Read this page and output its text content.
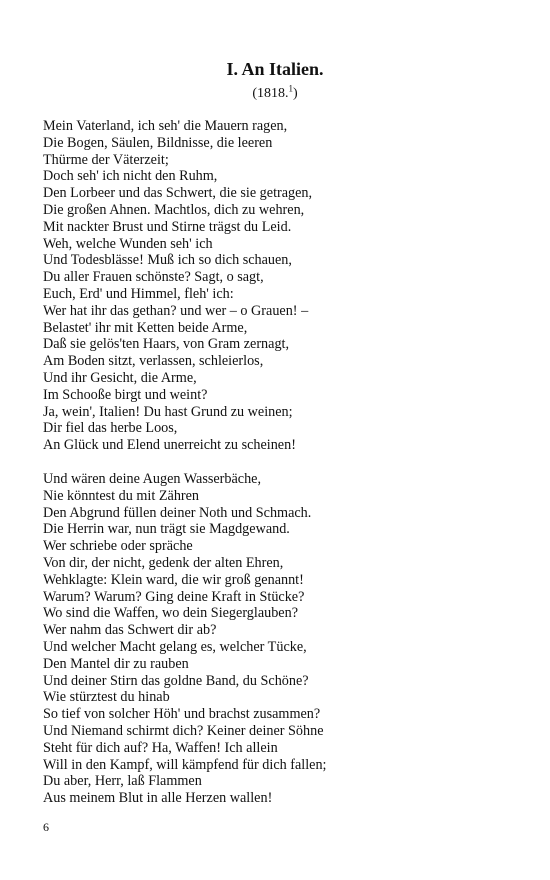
I. An Italien.
(1818.$^1$)
Mein Vaterland, ich seh' die Mauern ragen,
Die Bogen, Säulen, Bildnisse, die leeren
Thürme der Väterzeit;
Doch seh' ich nicht den Ruhm,
Den Lorbeer und das Schwert, die sie getragen,
Die großen Ahnen. Machtlos, dich zu wehren,
Mit nackter Brust und Stirne trägst du Leid.
Weh, welche Wunden seh' ich
Und Todesblässe! Muß ich so dich schauen,
Du aller Frauen schönste? Sagt, o sagt,
Euch, Erd' und Himmel, fleh' ich:
Wer hat ihr das gethan? und wer – o Grauen! –
Belastet' ihr mit Ketten beide Arme,
Daß sie gelös'ten Haars, von Gram zernagt,
Am Boden sitzt, verlassen, schleierlos,
Und ihr Gesicht, die Arme,
Im Schooße birgt und weint?
Ja, wein', Italien! Du hast Grund zu weinen;
Dir fiel das herbe Loos,
An Glück und Elend unerreicht zu scheinen!
Und wären deine Augen Wasserbäche,
Nie könntest du mit Zähren
Den Abgrund füllen deiner Noth und Schmach.
Die Herrin war, nun trägt sie Magdgewand.
Wer schriebe oder spräche
Von dir, der nicht, gedenk der alten Ehren,
Wehklagte: Klein ward, die wir groß genannt!
Warum? Warum? Ging deine Kraft in Stücke?
Wo sind die Waffen, wo dein Siegerglauben?
Wer nahm das Schwert dir ab?
Und welcher Macht gelang es, welcher Tücke,
Den Mantel dir zu rauben
Und deiner Stirn das goldne Band, du Schöne?
Wie stürztest du hinab
So tief von solcher Höh' und brachst zusammen?
Und Niemand schirmt dich? Keiner deiner Söhne
Steht für dich auf? Ha, Waffen! Ich allein
Will in den Kampf, will kämpfend für dich fallen;
Du aber, Herr, laß Flammen
Aus meinem Blut in alle Herzen wallen!
6
